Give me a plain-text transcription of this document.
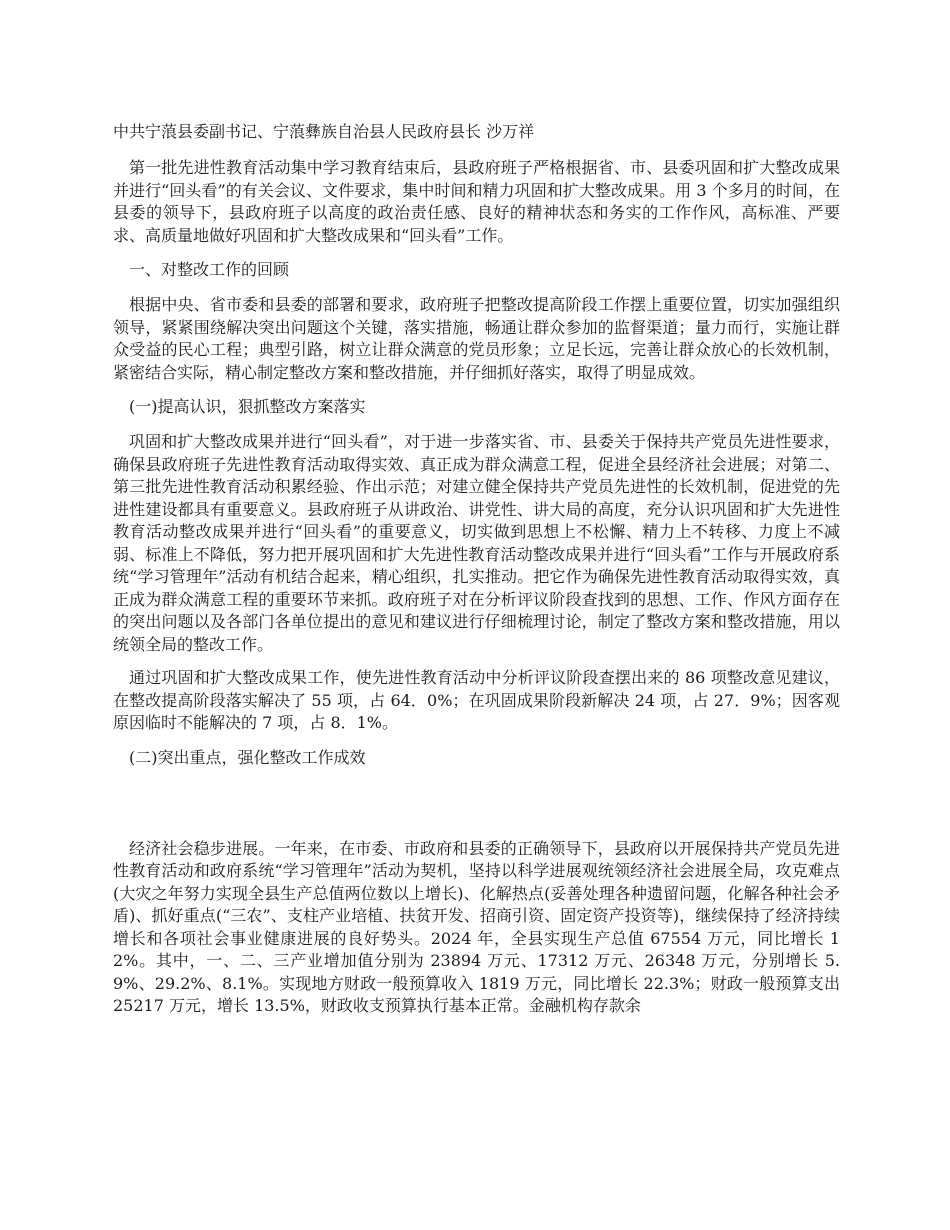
中共宁蒗县委副书记、宁蒗彝族自治县人民政府县长 沙万祥

第一批先进性教育活动集中学习教育结束后，县政府班子严格根据省、市、县委巩固和扩大整改成果并进行“回头看”的有关会议、文件要求，集中时间和精力巩固和扩大整改成果。用 3 个多月的时间，在县委的领导下，县政府班子以高度的政治责任感、良好的精神状态和务实的工作作风，高标准、严要求、高质量地做好巩固和扩大整改成果和“回头看”工作。

一、对整改工作的回顾

根据中央、省市委和县委的部署和要求，政府班子把整改提高阶段工作摆上重要位置，切实加强组织领导，紧紧围绕解决突出问题这个关键，落实措施，畅通让群众参加的监督渠道；量力而行，实施让群众受益的民心工程；典型引路，树立让群众满意的党员形象；立足长远，完善让群众放心的长效机制，紧密结合实际，精心制定整改方案和整改措施，并仔细抓好落实，取得了明显成效。

(一)提高认识，狠抓整改方案落实

巩固和扩大整改成果并进行“回头看”，对于进一步落实省、市、县委关于保持共产党员先进性要求，确保县政府班子先进性教育活动取得实效、真正成为群众满意工程，促进全县经济社会进展；对第二、第三批先进性教育活动积累经验、作出示范；对建立健全保持共产党员先进性的长效机制，促进党的先进性建设都具有重要意义。县政府班子从讲政治、讲党性、讲大局的高度，充分认识巩固和扩大先进性教育活动整改成果并进行“回头看”的重要意义，切实做到思想上不松懈、精力上不转移、力度上不减弱、标准上不降低，努力把开展巩固和扩大先进性教育活动整改成果并进行“回头看”工作与开展政府系统“学习管理年”活动有机结合起来，精心组织，扎实推动。把它作为确保先进性教育活动取得实效，真正成为群众满意工程的重要环节来抓。政府班子对在分析评议阶段查找到的思想、工作、作风方面存在的突出问题以及各部门各单位提出的意见和建议进行仔细梳理讨论，制定了整改方案和整改措施，用以统领全局的整改工作。

通过巩固和扩大整改成果工作，使先进性教育活动中分析评议阶段查摆出来的 86 项整改意见建议，在整改提高阶段落实解决了 55 项，占 64．0%；在巩固成果阶段新解决 24 项，占 27．9%；因客观原因临时不能解决的 7 项，占 8．1%。

(二)突出重点，强化整改工作成效

经济社会稳步进展。一年来，在市委、市政府和县委的正确领导下，县政府以开展保持共产党员先进性教育活动和政府系统“学习管理年”活动为契机，坚持以科学进展观统领经济社会进展全局，攻克难点(大灾之年努力实现全县生产总值两位数以上增长)、化解热点(妥善处理各种遗留问题，化解各种社会矛盾)、抓好重点(“三农”、支柱产业培植、扶贫开发、招商引资、固定资产投资等)，继续保持了经济持续增长和各项社会事业健康进展的良好势头。2024 年，全县实现生产总值 67554 万元，同比增长 12%。其中，一、二、三产业增加值分别为 23894 万元、17312 万元、26348 万元，分别增长 5.9%、29.2%、8.1%。实现地方财政一般预算收入 1819 万元，同比增长 22.3%；财政一般预算支出 25217 万元，增长 13.5%，财政收支预算执行基本正常。金融机构存款余
